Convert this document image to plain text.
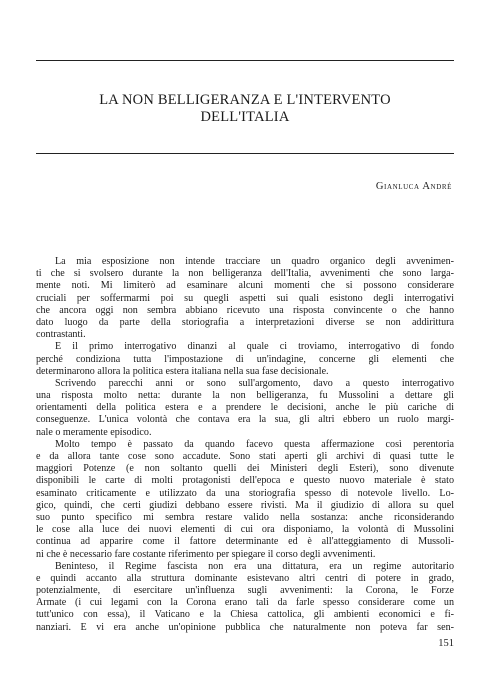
LA NON BELLIGERANZA E L'INTERVENTO
DELL'ITALIA
Gianluca André
La mia esposizione non intende tracciare un quadro organico degli avvenimen-
ti che si svolsero durante la non belligeranza dell'Italia, avvenimenti che sono larga-
mente noti. Mi limiterò ad esaminare alcuni momenti che si possono considerare
cruciali per soffermarmi poi su quegli aspetti sui quali esistono degli interrogativi
che ancora oggi non sembra abbiano ricevuto una risposta convincente o che hanno
dato luogo da parte della storiografia a interpretazioni diverse se non addirittura
contrastanti.
E il primo interrogativo dinanzi al quale ci troviamo, interrogativo di fondo
perché condiziona tutta l'impostazione di un'indagine, concerne gli elementi che
determinarono allora la politica estera italiana nella sua fase decisionale.
Scrivendo parecchi anni or sono sull'argomento, davo a questo interrogativo
una risposta molto netta: durante la non belligeranza, fu Mussolini a dettare gli
orientamenti della politica estera e a prendere le decisioni, anche le più cariche di
conseguenze. L'unica volontà che contava era la sua, gli altri ebbero un ruolo margi-
nale o meramente episodico.
Molto tempo è passato da quando facevo questa affermazione così perentoria
e da allora tante cose sono accadute. Sono stati aperti gli archivi di quasi tutte le
maggiori Potenze (e non soltanto quelli dei Ministeri degli Esteri), sono divenute
disponibili le carte di molti protagonisti dell'epoca e questo nuovo materiale è stato
esaminato criticamente e utilizzato da una storiografia spesso di notevole livello. Lo-
gico, quindi, che certi giudizi debbano essere rivisti. Ma il giudizio di allora su quel
suo punto specifico mi sembra restare valido nella sostanza: anche riconsiderando
le cose alla luce dei nuovi elementi di cui ora disponiamo, la volontà di Mussolini
continua ad apparire come il fattore determinante ed è all'atteggiamento di Mussoli-
ni che è necessario fare costante riferimento per spiegare il corso degli avvenimenti.
Beninteso, il Regime fascista non era una dittatura, era un regime autoritario
e quindi accanto alla struttura dominante esistevano altri centri di potere in grado,
potenzialmente, di esercitare un'influenza sugli avvenimenti: la Corona, le Forze
Armate (i cui legami con la Corona erano tali da farle spesso considerare come un
tutt'unico con essa), il Vaticano e la Chiesa cattolica, gli ambienti economici e fi-
nanziari. E vi era anche un'opinione pubblica che naturalmente non poteva far sen-
151
